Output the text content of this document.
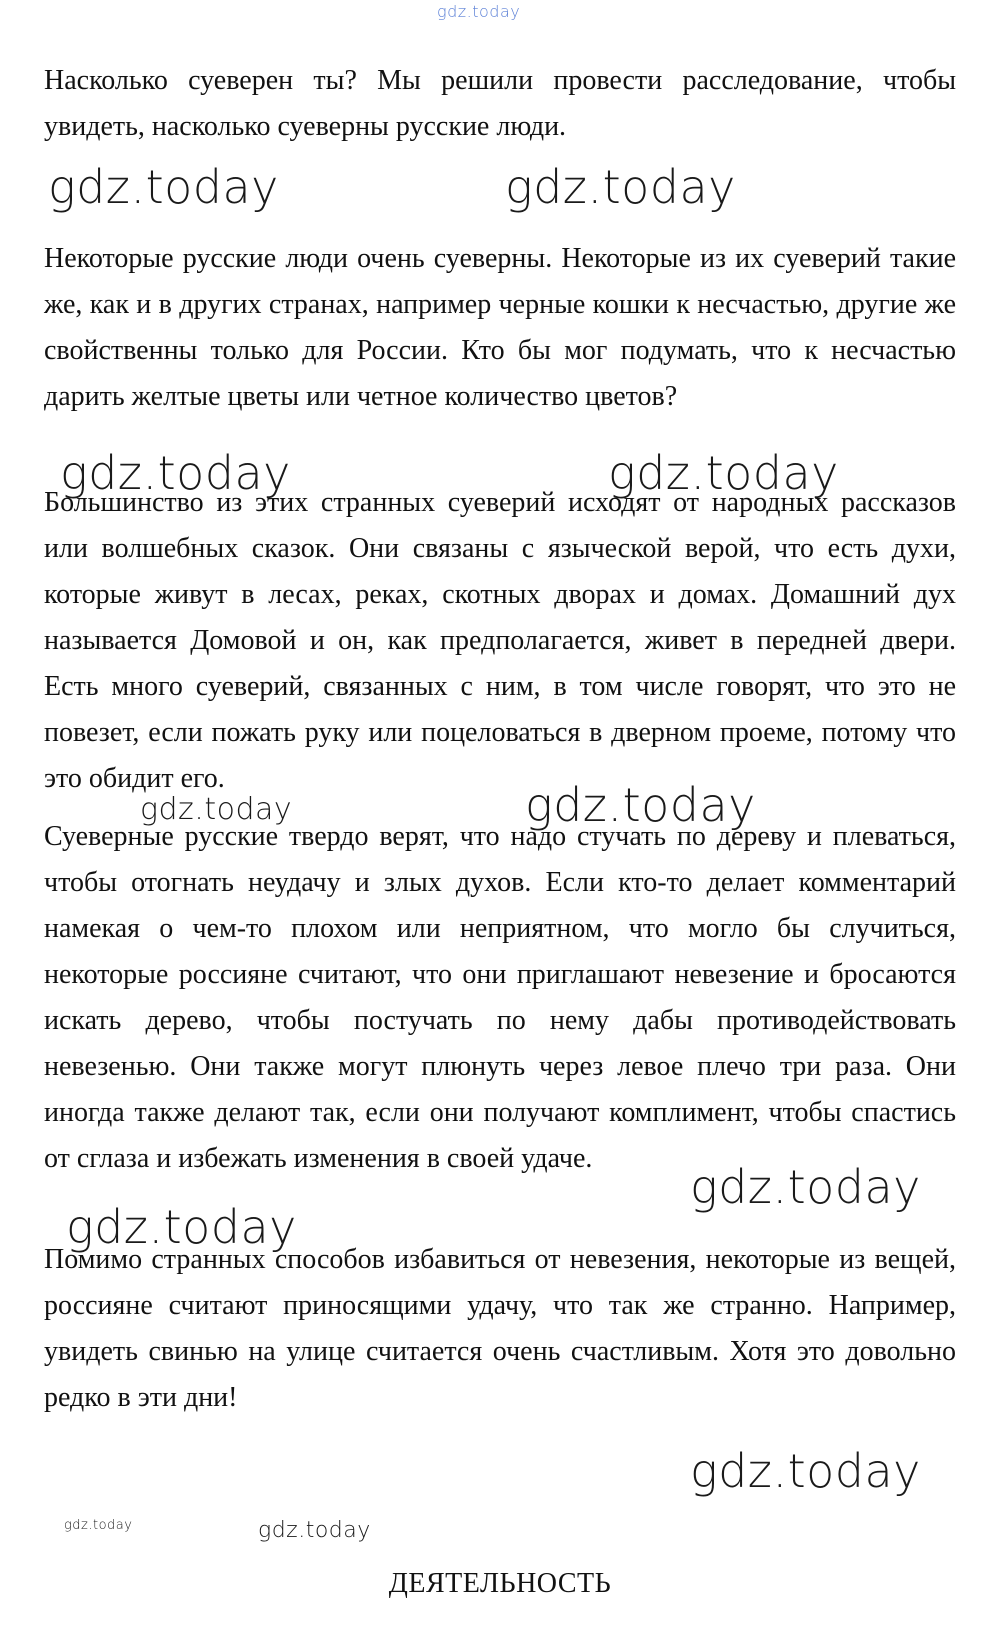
gdz.today
gdz.today	gdz.today
gdz.today	gdz.today
gdz.today	gdz.today
gdz.today
gdz.today
gdz.today
gdz.today	gdz.today

Насколько суеверен ты? Мы решили провести расследование, чтобы увидеть, насколько суеверны русские люди.

Некоторые русские люди очень суеверны. Некоторые из их суеверий такие же, как и в других странах, например черные кошки к несчастью, другие же свойственны только для России. Кто бы мог подумать, что к несчастью дарить желтые цветы или четное количество цветов?

Большинство из этих странных суеверий исходят от народных рассказов или волшебных сказок. Они связаны с языческой верой, что есть духи, которые живут в лесах, реках, скотных дворах и домах. Домашний дух называется Домовой и он, как предполагается, живет в передней двери. Есть много суеверий, связанных с ним, в том числе говорят, что это не повезет, если пожать руку или поцеловаться в дверном проеме, потому что это обидит его.

Суеверные русские твердо верят, что надо стучать по дереву и плеваться, чтобы отогнать неудачу и злых духов. Если кто-то делает комментарий намекая о чем-то плохом или неприятном, что могло бы случиться, некоторые россияне считают, что они приглашают невезение и бросаются искать дерево, чтобы постучать по нему дабы противодействовать невезенью. Они также могут плюнуть через левое плечо три раза. Они иногда также делают так, если они получают комплимент, чтобы спастись от сглаза и избежать изменения в своей удаче.

Помимо странных способов избавиться от невезения, некоторые из вещей, россияне считают приносящими удачу, что так же странно. Например, увидеть свинью на улице считается очень счастливым. Хотя это довольно редко в эти дни!

ДЕЯТЕЛЬНОСТЬ
